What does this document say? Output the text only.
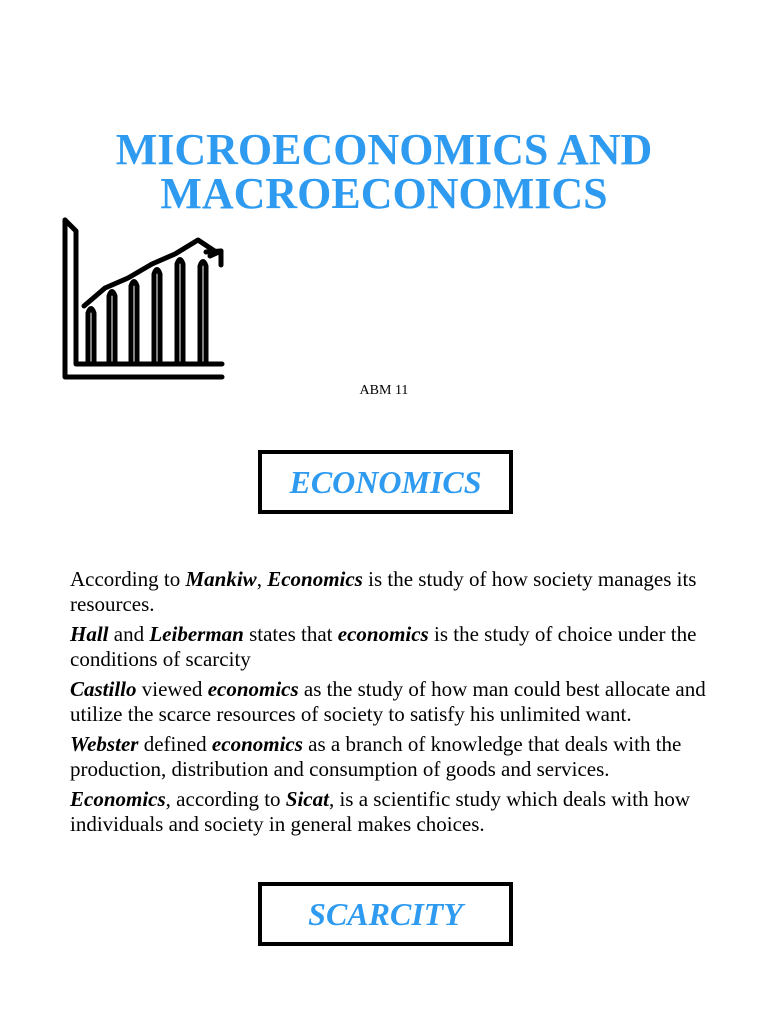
MICROECONOMICS AND
MACROECONOMICS
ABM 11
ECONOMICS

According to Mankiw, Economics is the study of how society manages its resources.

Hall and Leiberman states that economics is the study of choice under the conditions of scarcity

Castillo viewed economics as the study of how man could best allocate and utilize the scarce resources of society to satisfy his unlimited want.

Webster defined economics as a branch of knowledge that deals with the production, distribution and consumption of goods and services.

Economics, according to Sicat, is a scientific study which deals with how individuals and society in general makes choices.

SCARCITY
